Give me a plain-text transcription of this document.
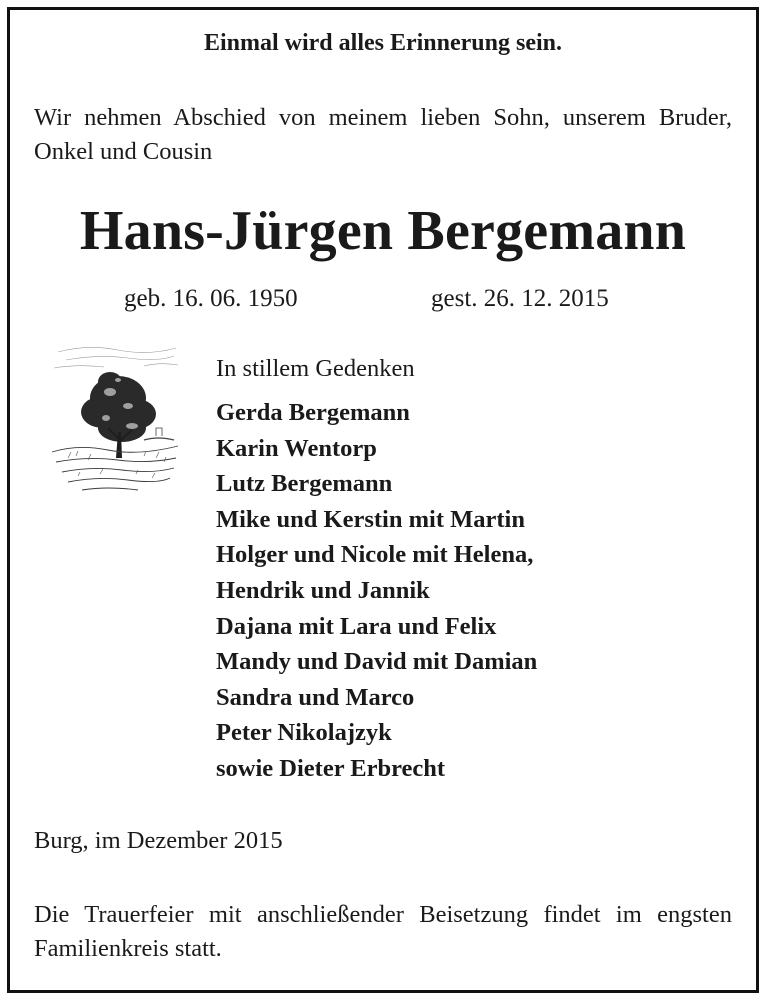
Einmal wird alles Erinnerung sein.
Wir nehmen Abschied von meinem lieben Sohn, unserem Bruder, Onkel und Cousin
Hans-Jürgen Bergemann
geb. 16. 06. 1950	gest. 26. 12. 2015
In stillem Gedenken
Gerda Bergemann
Karin Wentorp
Lutz Bergemann
Mike und Kerstin mit Martin
Holger und Nicole mit Helena,
Hendrik und Jannik
Dajana mit Lara und Felix
Mandy und David mit Damian
Sandra und Marco
Peter Nikolajzyk
sowie Dieter Erbrecht
Burg, im Dezember 2015
Die Trauerfeier mit anschließender Beisetzung findet im engsten Familienkreis statt.
